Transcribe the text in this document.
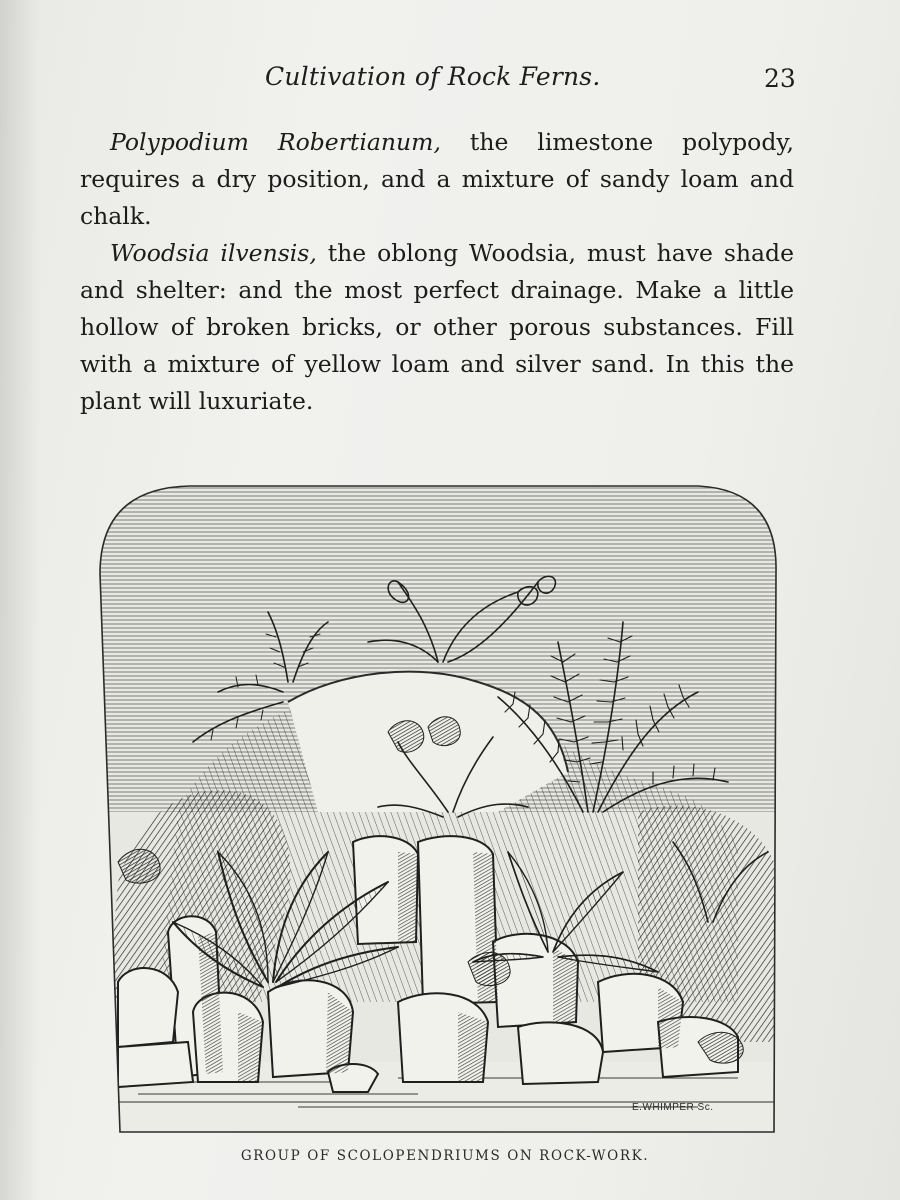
Cultivation of Rock Ferns.	23

Polypodium Robertianum, the limestone polypody, requires a dry position, and a mixture of sandy loam and chalk.

Woodsia ilvensis, the oblong Woodsia, must have shade and shelter: and the most perfect drainage. Make a little hollow of broken bricks, or other porous substances. Fill with a mixture of yellow loam and silver sand. In this the plant will luxuriate.

E.WHIMPER Sc.
GROUP OF SCOLOPENDRIUMS ON ROCK-WORK.
